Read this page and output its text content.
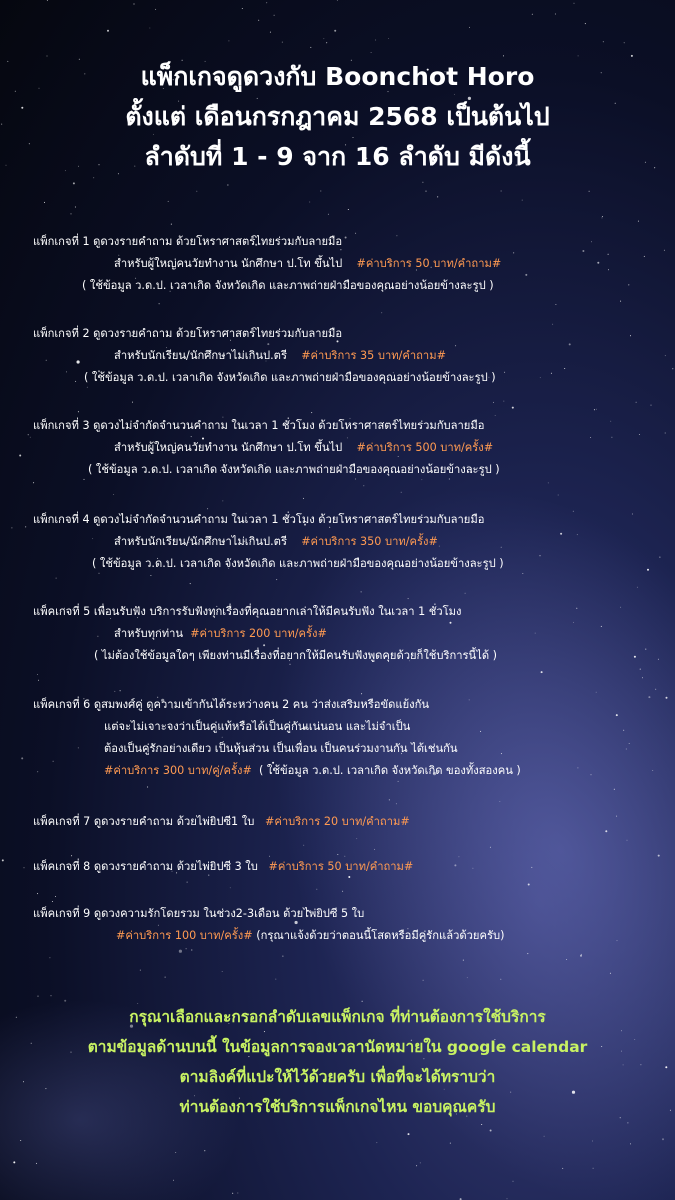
แพ็กเกจดูดวงกับ Boonchot Horo
ตั้งแต่ เดือนกรกฎาคม 2568 เป็นต้นไป
ลำดับที่ 1 - 9 จาก 16 ลำดับ มีดังนี้
แพ็กเกจที่ 1 ดูดวงรายคำถาม ด้วยโหราศาสตร์ไทยร่วมกับลายมือ
สำหรับผู้ใหญ่คนวัยทำงาน นักศึกษา ป.โท ขึ้นไป #ค่าบริการ 50 บาท/คำถาม#
( ใช้ข้อมูล ว.ด.ป. เวลาเกิด จังหวัดเกิด และภาพถ่ายฝ่ามือของคุณอย่างน้อยข้างละรูป )
แพ็กเกจที่ 2 ดูดวงรายคำถาม ด้วยโหราศาสตร์ไทยร่วมกับลายมือ
สำหรับนักเรียน/นักศึกษาไม่เกินป.ตรี #ค่าบริการ 35 บาท/คำถาม#
( ใช้ข้อมูล ว.ด.ป. เวลาเกิด จังหวัดเกิด และภาพถ่ายฝ่ามือของคุณอย่างน้อยข้างละรูป )
แพ็กเกจที่ 3 ดูดวงไม่จำกัดจำนวนคำถาม ในเวลา 1 ชั่วโมง ด้วยโหราศาสตร์ไทยร่วมกับลายมือ
สำหรับผู้ใหญ่คนวัยทำงาน นักศึกษา ป.โท ขึ้นไป #ค่าบริการ 500 บาท/ครั้ง#
( ใช้ข้อมูล ว.ด.ป. เวลาเกิด จังหวัดเกิด และภาพถ่ายฝ่ามือของคุณอย่างน้อยข้างละรูป )
แพ็กเกจที่ 4 ดูดวงไม่จำกัดจำนวนคำถาม ในเวลา 1 ชั่วโมง ด้วยโหราศาสตร์ไทยร่วมกับลายมือ
สำหรับนักเรียน/นักศึกษาไม่เกินป.ตรี #ค่าบริการ 350 บาท/ครั้ง#
( ใช้ข้อมูล ว.ด.ป. เวลาเกิด จังหวัดเกิด และภาพถ่ายฝ่ามือของคุณอย่างน้อยข้างละรูป )
แพ็คเกจที่ 5 เพื่อนรับฟัง บริการรับฟังทุกเรื่องที่คุณอยากเล่าให้มีคนรับฟัง ในเวลา 1 ชั่วโมง
สำหรับทุกท่าน #ค่าบริการ 200 บาท/ครั้ง#
( ไม่ต้องใช้ข้อมูลใดๆ เพียงท่านมีเรื่องที่อยากให้มีคนรับฟังพูดคุยด้วยก็ใช้บริการนี้ได้ )
แพ็คเกจที่ 6 ดูสมพงศ์คู่ ดูความเข้ากันได้ระหว่างคน 2 คน ว่าส่งเสริมหรือขัดแย้งกัน
แต่จะไม่เจาะจงว่าเป็นคู่แท้หรือได้เป็นคู่กันแน่นอน และไม่จำเป็น
ต้องเป็นคู่รักอย่างเดียว เป็นหุ้นส่วน เป็นเพื่อน เป็นคนร่วมงานกัน ได้เช่นกัน
#ค่าบริการ 300 บาท/คู่/ครั้ง# ( ใช้ข้อมูล ว.ด.ป. เวลาเกิด จังหวัดเกิด ของทั้งสองคน )
แพ็คเกจที่ 7 ดูดวงรายคำถาม ด้วยไพ่ยิปซี1 ใบ #ค่าบริการ 20 บาท/คำถาม#
แพ็คเกจที่ 8 ดูดวงรายคำถาม ด้วยไพ่ยิปซี 3 ใบ #ค่าบริการ 50 บาท/คำถาม#
แพ็คเกจที่ 9 ดูดวงความรักโดยรวม ในช่วง2-3เดือน ด้วยไพ่ยิปซี 5 ใบ
#ค่าบริการ 100 บาท/ครั้ง# (กรุณาแจ้งด้วยว่าตอนนี้โสดหรือมีคู่รักแล้วด้วยครับ)
กรุณาเลือกและกรอกลำดับเลขแพ็กเกจ ที่ท่านต้องการใช้บริการ
ตามข้อมูลด้านบนนี้ ในข้อมูลการจองเวลานัดหมายใน google calendar
ตามลิงค์ที่แปะให้ไว้ด้วยครับ เพื่อที่จะได้ทราบว่า
ท่านต้องการใช้บริการแพ็กเกจไหน ขอบคุณครับ
